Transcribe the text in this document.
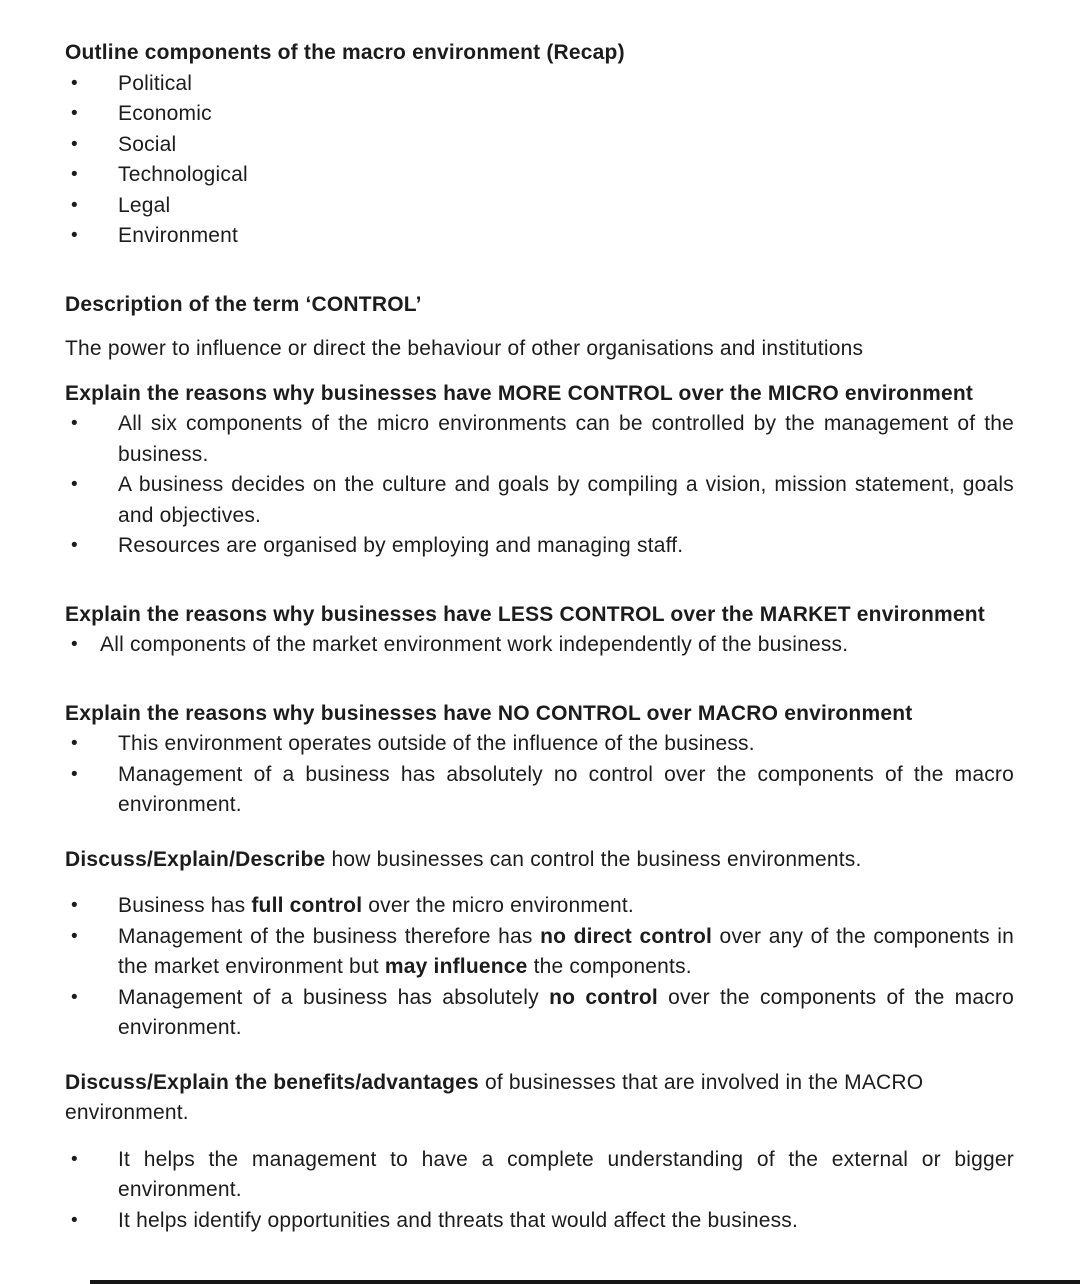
Outline components of the macro environment (Recap)
•	Political
•	Economic
•	Social
•	Technological
•	Legal
•	Environment
Description of the term ‘CONTROL’

The power to influence or direct the behaviour of other organisations and institutions

Explain the reasons why businesses have MORE CONTROL over the MICRO environment
•	All six components of the micro environments can be controlled by the management of the business.
•	A business decides on the culture and goals by compiling a vision, mission statement, goals and objectives.
•	Resources are organised by employing and managing staff.
Explain the reasons why businesses have LESS CONTROL over the MARKET environment
•	All components of the market environment work independently of the business.
Explain the reasons why businesses have NO CONTROL over MACRO environment
•	This environment operates outside of the influence of the business.
•	Management of a business has absolutely no control over the components of the macro environment.

Discuss/Explain/Describe how businesses can control the business environments.

•	Business has full control over the micro environment.
•	Management of the business therefore has no direct control over any of the components in the market environment but may influence the components.
•	Management of a business has absolutely no control over the components of the macro environment.

Discuss/Explain the benefits/advantages of businesses that are involved in the MACRO environment.

•	It helps the management to have a complete understanding of the external or bigger environment.
•	It helps identify opportunities and threats that would affect the business.
